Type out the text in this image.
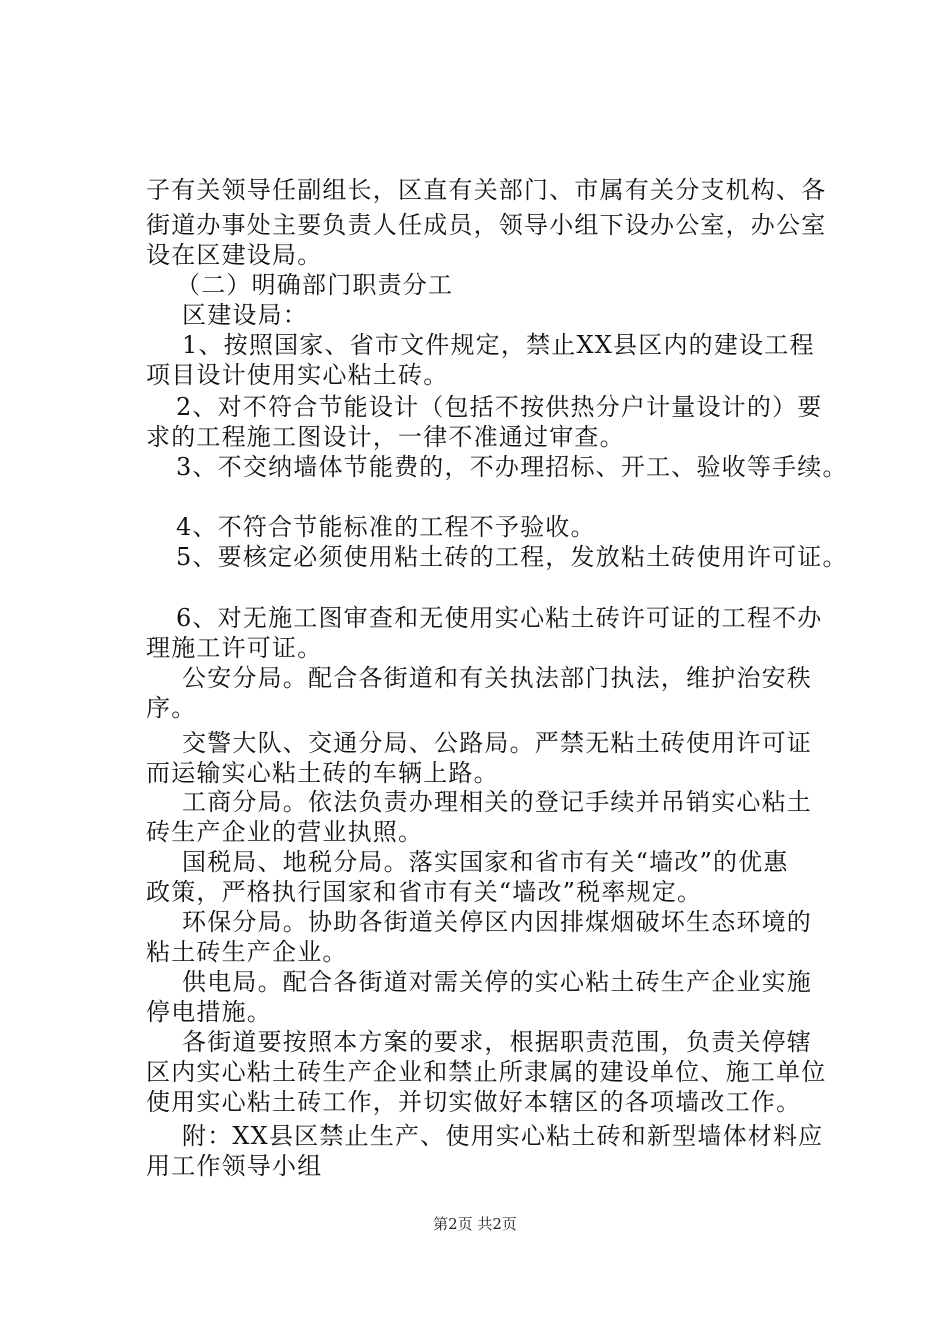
子有关领导任副组长，区直有关部门、市属有关分支机构、各
街道办事处主要负责人任成员，领导小组下设办公室，办公室
设在区建设局。
（二）明确部门职责分工
区建设局：
1、按照国家、省市文件规定，禁止XX县区内的建设工程
项目设计使用实心粘土砖。
2、对不符合节能设计（包括不按供热分户计量设计的）要
求的工程施工图设计，一律不准通过审查。
3、不交纳墙体节能费的，不办理招标、开工、验收等手续。
4、不符合节能标准的工程不予验收。
5、要核定必须使用粘土砖的工程，发放粘土砖使用许可证。
6、对无施工图审查和无使用实心粘土砖许可证的工程不办
理施工许可证。
公安分局。配合各街道和有关执法部门执法，维护治安秩
序。
交警大队、交通分局、公路局。严禁无粘土砖使用许可证
而运输实心粘土砖的车辆上路。
工商分局。依法负责办理相关的登记手续并吊销实心粘土
砖生产企业的营业执照。
国税局、地税分局。落实国家和省市有关“墙改”的优惠
政策，严格执行国家和省市有关“墙改”税率规定。
环保分局。协助各街道关停区内因排煤烟破坏生态环境的
粘土砖生产企业。
供电局。配合各街道对需关停的实心粘土砖生产企业实施
停电措施。
各街道要按照本方案的要求，根据职责范围，负责关停辖
区内实心粘土砖生产企业和禁止所隶属的建设单位、施工单位
使用实心粘土砖工作，并切实做好本辖区的各项墙改工作。
附：XX县区禁止生产、使用实心粘土砖和新型墙体材料应
用工作领导小组
第2页 共2页
